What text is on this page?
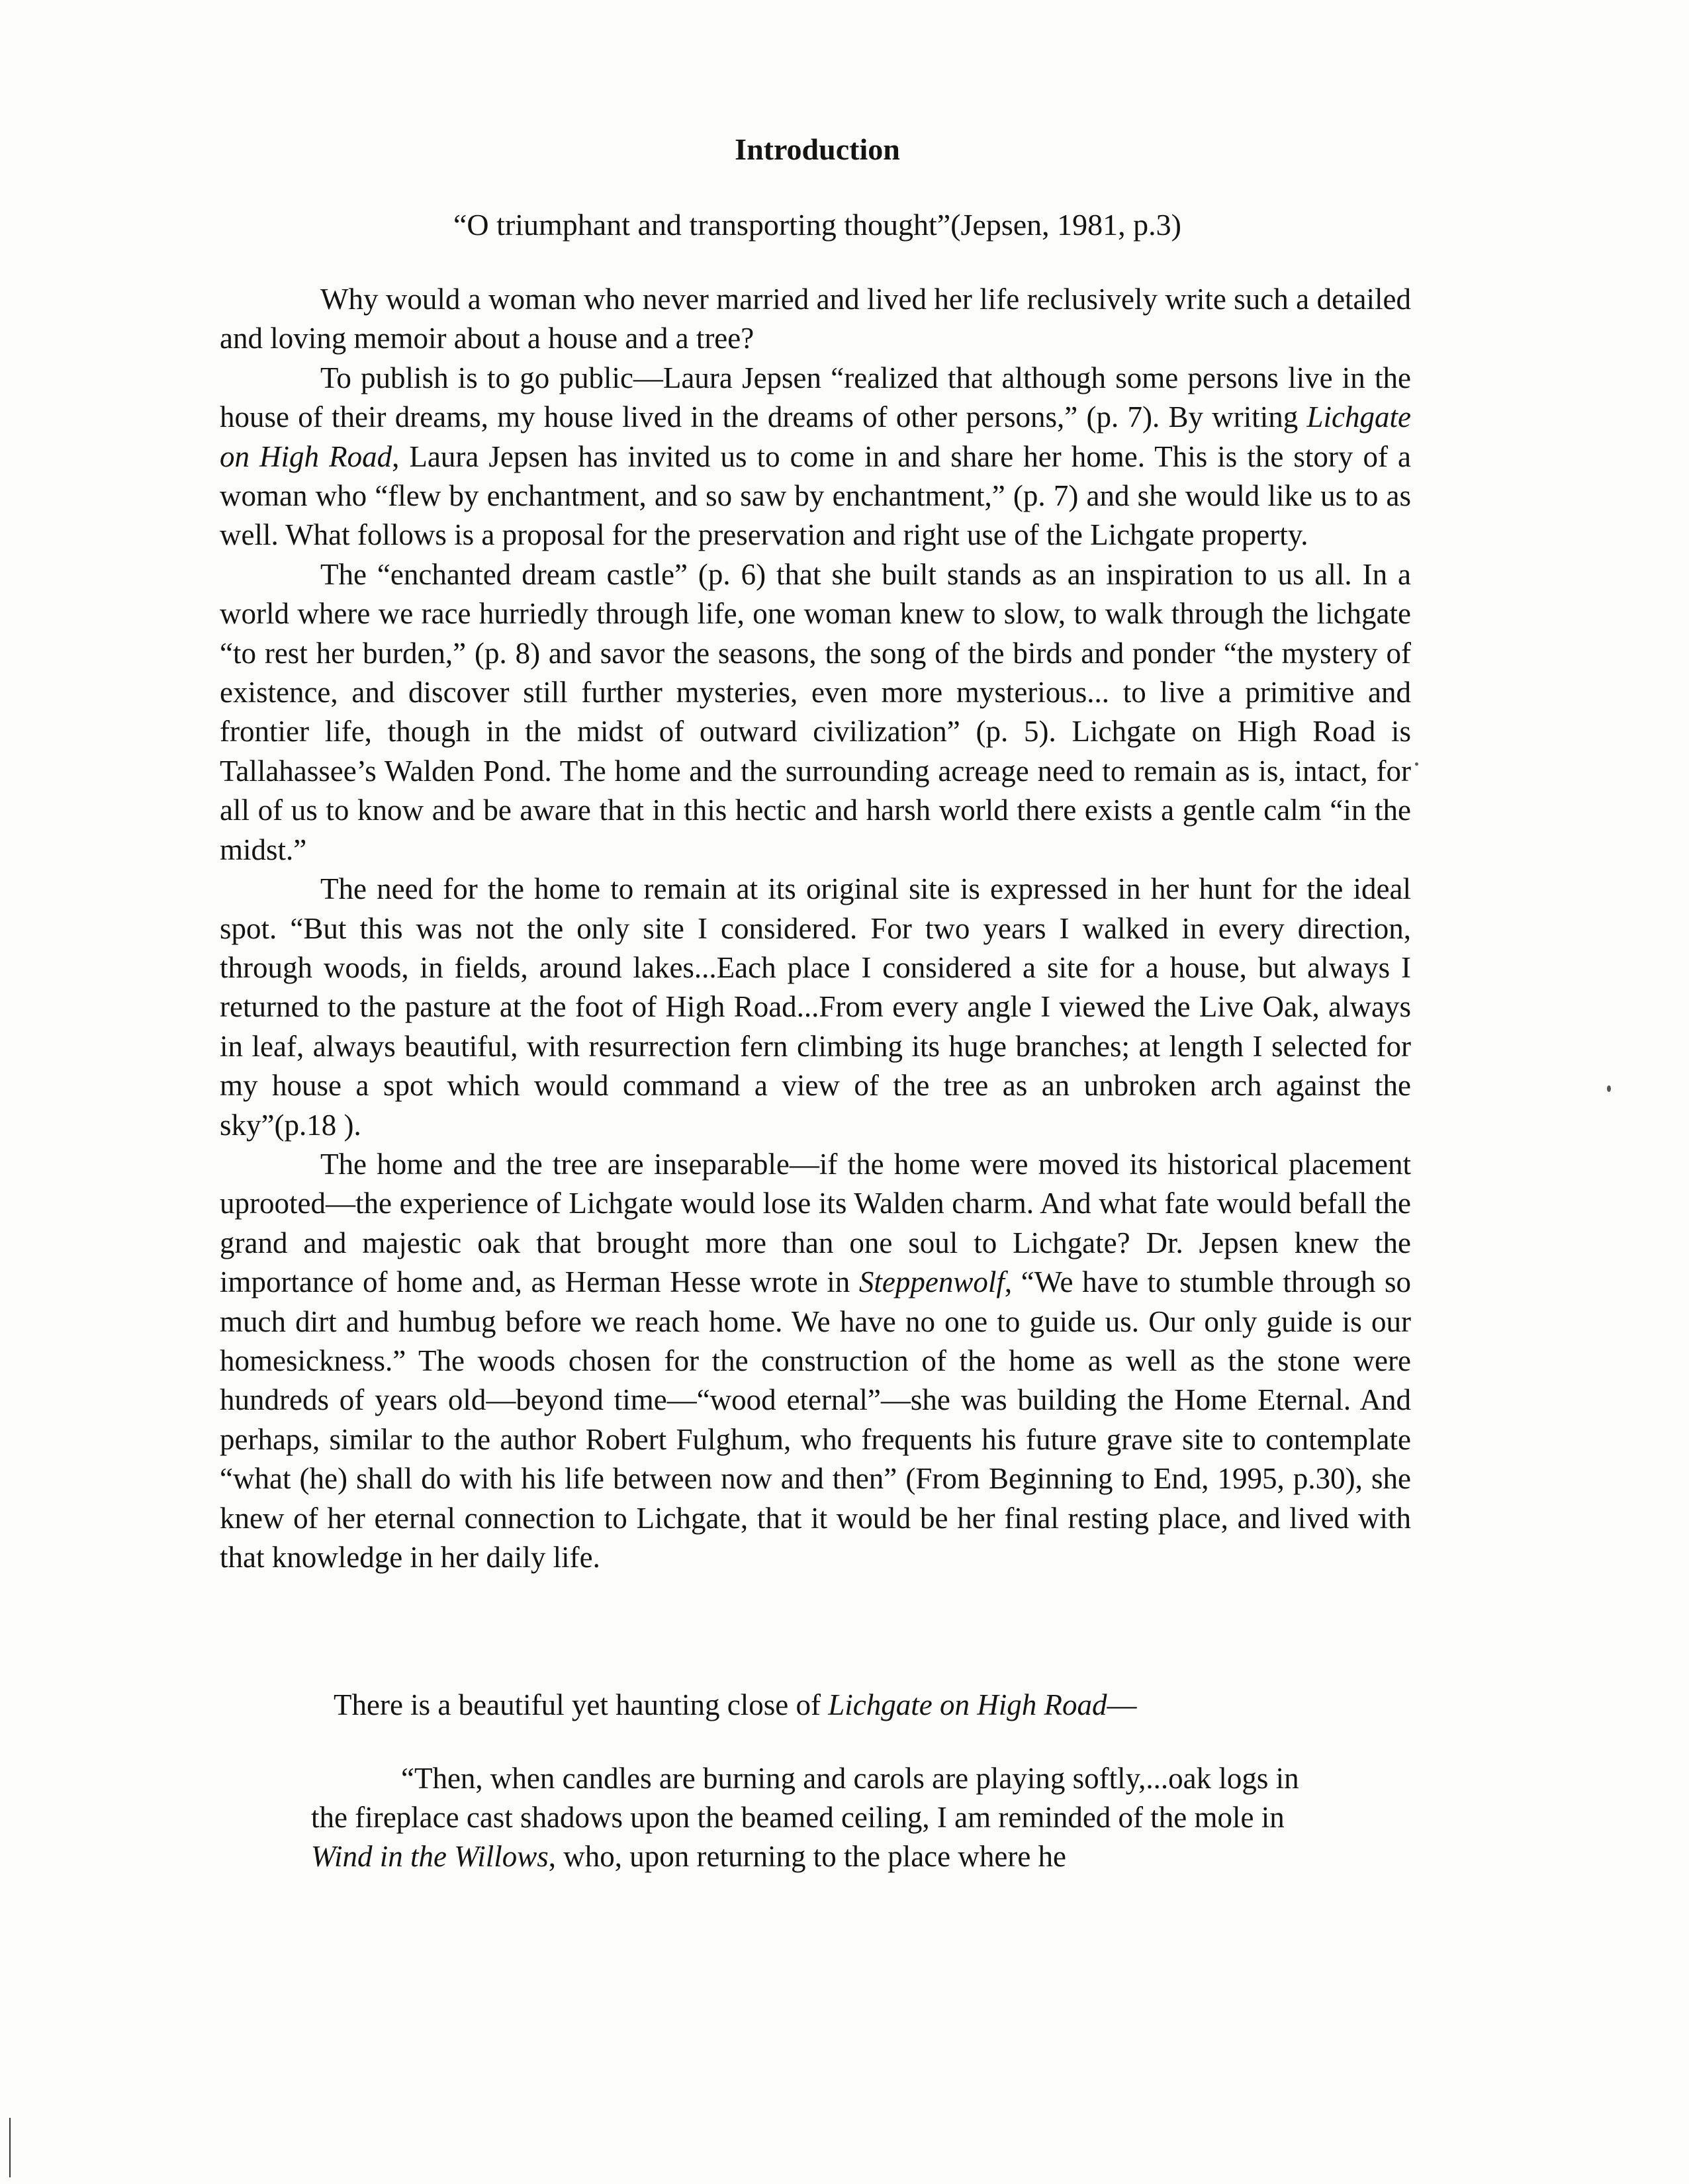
Introduction
“O triumphant and transporting thought”(Jepsen, 1981, p.3)

Why would a woman who never married and lived her life reclusively write such a detailed and loving memoir about a house and a tree?

To publish is to go public—Laura Jepsen “realized that although some persons live in the house of their dreams, my house lived in the dreams of other persons,” (p. 7). By writing Lichgate on High Road, Laura Jepsen has invited us to come in and share her home. This is the story of a woman who “flew by enchantment, and so saw by enchantment,” (p. 7) and she would like us to as well. What follows is a proposal for the preservation and right use of the Lichgate property.

The “enchanted dream castle” (p. 6) that she built stands as an inspiration to us all. In a world where we race hurriedly through life, one woman knew to slow, to walk through the lichgate “to rest her burden,” (p. 8) and savor the seasons, the song of the birds and ponder “the mystery of existence, and discover still further mysteries, even more mysterious... to live a primitive and frontier life, though in the midst of outward civilization” (p. 5). Lichgate on High Road is Tallahassee’s Walden Pond. The home and the surrounding acreage need to remain as is, intact, for all of us to know and be aware that in this hectic and harsh world there exists a gentle calm “in the midst.”

The need for the home to remain at its original site is expressed in her hunt for the ideal spot. “But this was not the only site I considered. For two years I walked in every direction, through woods, in fields, around lakes...Each place I considered a site for a house, but always I returned to the pasture at the foot of High Road...From every angle I viewed the Live Oak, always in leaf, always beautiful, with resurrection fern climbing its huge branches; at length I selected for my house a spot which would command a view of the tree as an unbroken arch against the sky”(p.18 ).

The home and the tree are inseparable—if the home were moved its historical placement uprooted—the experience of Lichgate would lose its Walden charm. And what fate would befall the grand and majestic oak that brought more than one soul to Lichgate? Dr. Jepsen knew the importance of home and, as Herman Hesse wrote in Steppenwolf, “We have to stumble through so much dirt and humbug before we reach home. We have no one to guide us. Our only guide is our homesickness.” The woods chosen for the construction of the home as well as the stone were hundreds of years old—beyond time—“wood eternal”—she was building the Home Eternal. And perhaps, similar to the author Robert Fulghum, who frequents his future grave site to contemplate “what (he) shall do with his life between now and then” (From Beginning to End, 1995, p.30), she knew of her eternal connection to Lichgate, that it would be her final resting place, and lived with that knowledge in her daily life.

There is a beautiful yet haunting close of Lichgate on High Road—

“Then, when candles are burning and carols are playing softly,...oak logs in the fireplace cast shadows upon the beamed ceiling, I am reminded of the mole in Wind in the Willows, who, upon returning to the place where he
